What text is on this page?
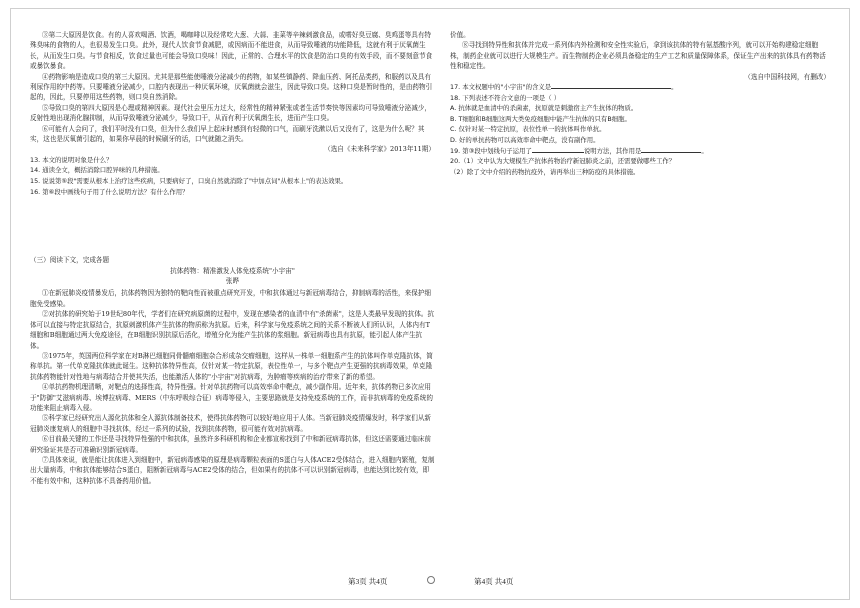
③第二大原因是饮食。有的人喜欢喝酒、饮酒，喝咖啡以及经常吃大葱、大蒜、韭菜等辛辣刺激食品，或嗜好臭豆腐、臭鸡蛋等具有特殊臭味的食物的人，也很易发生口臭。此外，现代人饮食节食减肥，或因病而不能进食，从而导致唾液的功能降低，这就有利于厌氧菌生长，从而发生口臭。与节食相反，饮食过量也可能会导致口臭味！因此，正常的、合理水平的饮食是防治口臭的有效手段，而不要刻意节食或暴饮暴食。

④药物影响是造成口臭的第三大原因。尤其是那些能使唾液分泌减少的药物，如某些镇静药、降血压药、阿托品类药，和服药以及具有利尿作用的中药等。只要唾液分泌减少，口腔内表现出一种厌氧环境，厌氧菌就会滋生，因此导致口臭。这种口臭是暂时性的，是由药物引起的，因此，只要停用这些药物，则口臭自然消除。

⑤导致口臭的第四大原因是心理或精神因素。现代社会里压力过大，经常性的精神紧张或者生活节奏快等因素均可导致唾液分泌减少，反射性地出现消化腺抑制，从而导致唾液分泌减少，导致口干，从而有利于厌氧菌生长，进而产生口臭。

⑥可能有人会问了，我们平时没有口臭，但为什么我们早上起床时感到有轻微的口气，而刷牙洗漱以后又没有了，这是为什么呢？其实，这也是厌氧菌引起的，如果你早晨的时候刷牙的话，口气就随之消失。

（选自《未来科学家》2013年11期）

13. 本文的说明对象是什么？

14. 通读全文，概括消除口腔异味的几种措施。

15. 说说第⑤段"需要从根本上治疗这些疾病，只要病好了，口臭自然就消除了"中加点词"从根本上"的表达效果。

16. 第⑥段中画线句子用了什么说明方法？有什么作用？

（三）阅读下文，完成各题

抗体药物：精准激发人体免疫系统"小宇宙"

张晔

①在新冠肺炎疫情暴发后，抗体药物因为独特的靶向性而被重点研究开发，中和抗体通过与新冠病毒结合，抑制病毒的活性，来保护细胞免受感染。

②对抗体的研究始于19世纪80年代，学者们在研究病原菌的过程中，发现在感染者的血清中有"杀菌素"，这是人类最早发现的抗体。抗体可以直接与特定抗原结合，抗原刺激机体产生抗体的物质称为抗原。后来，科学家与免疫系统之间的关系不断被人们所认识，人体内有T细胞和B细胞通过两大免疫途径，在B细胞识别抗原后活化，增殖分化为能产生抗体的浆细胞。新冠病毒也具有抗原，能引起人体产生抗体。

③1975年，英国两位科学家在对B淋巴细胞同骨髓瘤细胞杂合形成杂交瘤细胞，这样从一株单一细胞系产生的抗体叫作单克隆抗体，简称单抗。第一代单克隆抗体就此诞生。这种抗体特异性高，仅针对某一特定抗原，表位性单一，与多个靶点产生更强的抗病毒效果，单克隆抗体药物能针对性地与病毒结合并使其失活，也能激活人体的"小宇宙"对抗病毒，为肿瘤等疾病的治疗带来了新的希望。

④单抗药物机理清晰，对靶点的选择性高，特异性强。针对单抗药物可以高效率命中靶点，减少副作用。近年来，抗体药物已多次应用于"防御"艾滋病病毒、埃博拉病毒、MERS（中东呼吸综合征）病毒等侵入，主要思路就是支持免疫系统的工作，而非抗病毒的免疫系统的功能来阻止病毒入侵。

⑤科学家已经研究出人源化抗体和全人源抗体制备技术，使得抗体药物可以较好地应用于人体。当新冠肺炎疫情爆发时，科学家们从新冠肺炎康复病人的细胞中寻找抗体，经过一系列的试验，找到抗体药物，很可能有效对抗病毒。

⑥目前最关键的工作还是寻找特异性强的中和抗体，虽然许多科研机构和企业都宣称找到了中和新冠病毒抗体，但这还需要通过临床前研究验证其是否可准确识别新冠病毒。

⑦具体来说，就是能让抗体进入到细胞中，新冠病毒感染的原理是病毒颗粒表面的S蛋白与人体ACE2受体结合，进入细胞内繁殖，复制出大量病毒，中和抗体能够结合S蛋白，阻断新冠病毒与ACE2受体的结合，但如果有的抗体不可以识别新冠病毒，也能达到比较有效，即不能有效中和，这种抗体不具备药用价值。

价值。

⑧寻找到特异性和抗体并完成一系列体内外检测和安全性实验后，拿到该抗体的特有氨基酸序列，就可以开始构建稳定细胞株，制药企业就可以进行大规模生产。而生物制药企业必须具备稳定的生产工艺和质量保障体系，保证生产出来的抗体具有药物活性和稳定性。

（选自中国科技网，有删改）

17. 本文权题中的"小宇宙"的含义是	。

18. 下列表述不符合文意的一项是（ ）

A. 抗体就是血清中的杀菌素，抗原就是刺激宿主产生抗体的物质。

B. T细胞和B细胞这两大类免疫细胞中能产生抗体的只有B细胞。

C. 仅针对某一特定抗原，表位性单一的抗体叫作单抗。

D. 好的单抗药物可以高效率命中靶点，没有副作用。

19. 第③段中划线句子运用了	说明方法，其作用是	。

20.（1）文中认为大规模生产抗体药物治疗新冠肺炎之前，还需要做哪些工作？

（2）除了文中介绍的药物抗疫外，请再举出三种防疫的具体措施。

第3页 共4页	第4页 共4页
